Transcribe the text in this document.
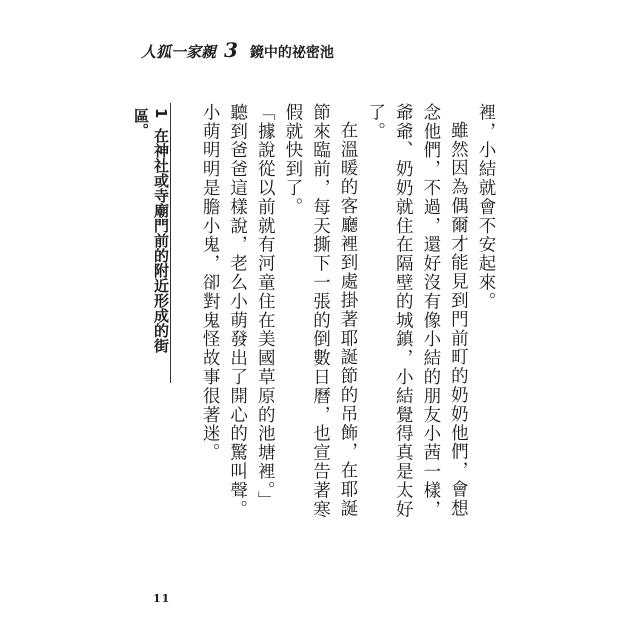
人狐一家親 3 鏡中的祕密池
1 在神社或寺廟門前的附近形成的街區。	裡，小結就會不安起來。

雖然因為偶爾才能見到門前町的奶奶他們，會想念他們，不過，還好沒有像小結的朋友小茜一樣，爺爺、奶奶就住在隔壁的城鎮，小結覺得真是太好了。

在溫暖的客廳裡到處掛著耶誕節的吊飾，在耶誕節來臨前，每天撕下一張的倒數日曆，也宣告著寒假就快到了。

「據說從以前就有河童住在美國草原的池塘裡。」

聽到爸爸這樣說，老么小萌發出了開心的驚叫聲。小萌明明是膽小鬼，卻對鬼怪故事很著迷。

11
